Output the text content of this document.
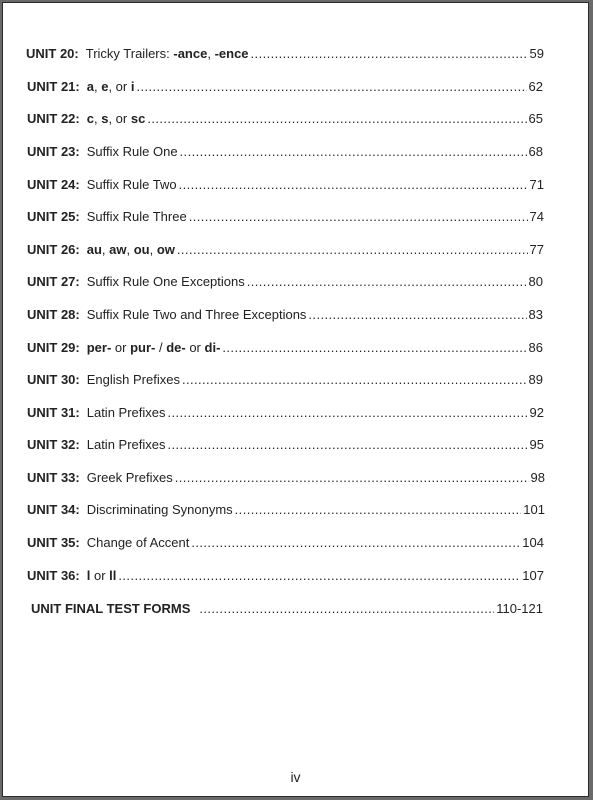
UNIT 20: Tricky Trailers: -ance, -ence .....	59
UNIT 21: a, e, or i .....	62
UNIT 22: c, s, or sc .....	65
UNIT 23: Suffix Rule One .....	68
UNIT 24: Suffix Rule Two .....	71
UNIT 25: Suffix Rule Three .....	74
UNIT 26: au, aw, ou, ow .....	77
UNIT 27: Suffix Rule One Exceptions .....	80
UNIT 28: Suffix Rule Two and Three Exceptions .....	83
UNIT 29: per- or pur- / de- or di- .....	86
UNIT 30: English Prefixes .....	89
UNIT 31: Latin Prefixes .....	92
UNIT 32: Latin Prefixes .....	95
UNIT 33: Greek Prefixes .....	98
UNIT 34: Discriminating Synonyms .....	101
UNIT 35: Change of Accent .....	104
UNIT 36: l or ll .....	107
UNIT FINAL TEST FORMS .....	110-121
iv
